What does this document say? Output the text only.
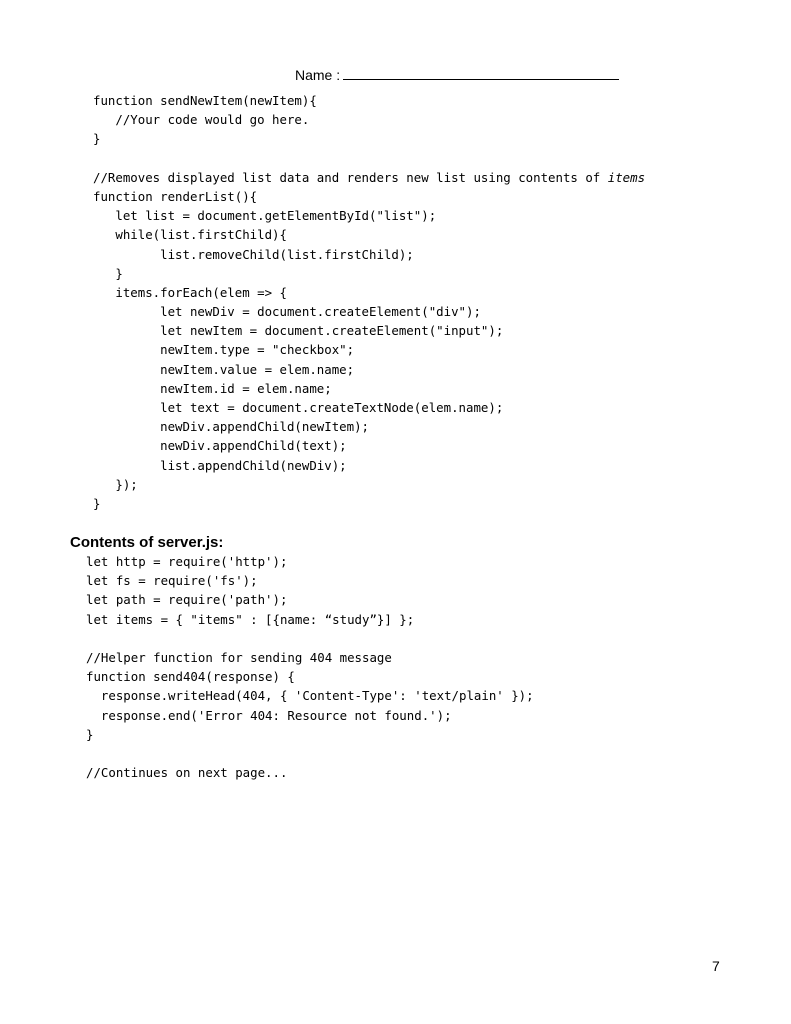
Name :
function sendNewItem(newItem){
//Your code would go here.
}
//Removes displayed list data and renders new list using contents of items
function renderList(){
let list = document.getElementById("list");
while(list.firstChild){
list.removeChild(list.firstChild);
}
items.forEach(elem => {
let newDiv = document.createElement("div");
let newItem = document.createElement("input");
newItem.type = "checkbox";
newItem.value = elem.name;
newItem.id = elem.name;
let text = document.createTextNode(elem.name);
newDiv.appendChild(newItem);
newDiv.appendChild(text);
list.appendChild(newDiv);
});
}
Contents of server.js:
let http = require('http');
let fs = require('fs');
let path = require('path');
let items = { "items" : [{name: “study”}] };
//Helper function for sending 404 message
function send404(response) {
response.writeHead(404, { 'Content-Type': 'text/plain' });
response.end('Error 404: Resource not found.');
}
//Continues on next page...
7
